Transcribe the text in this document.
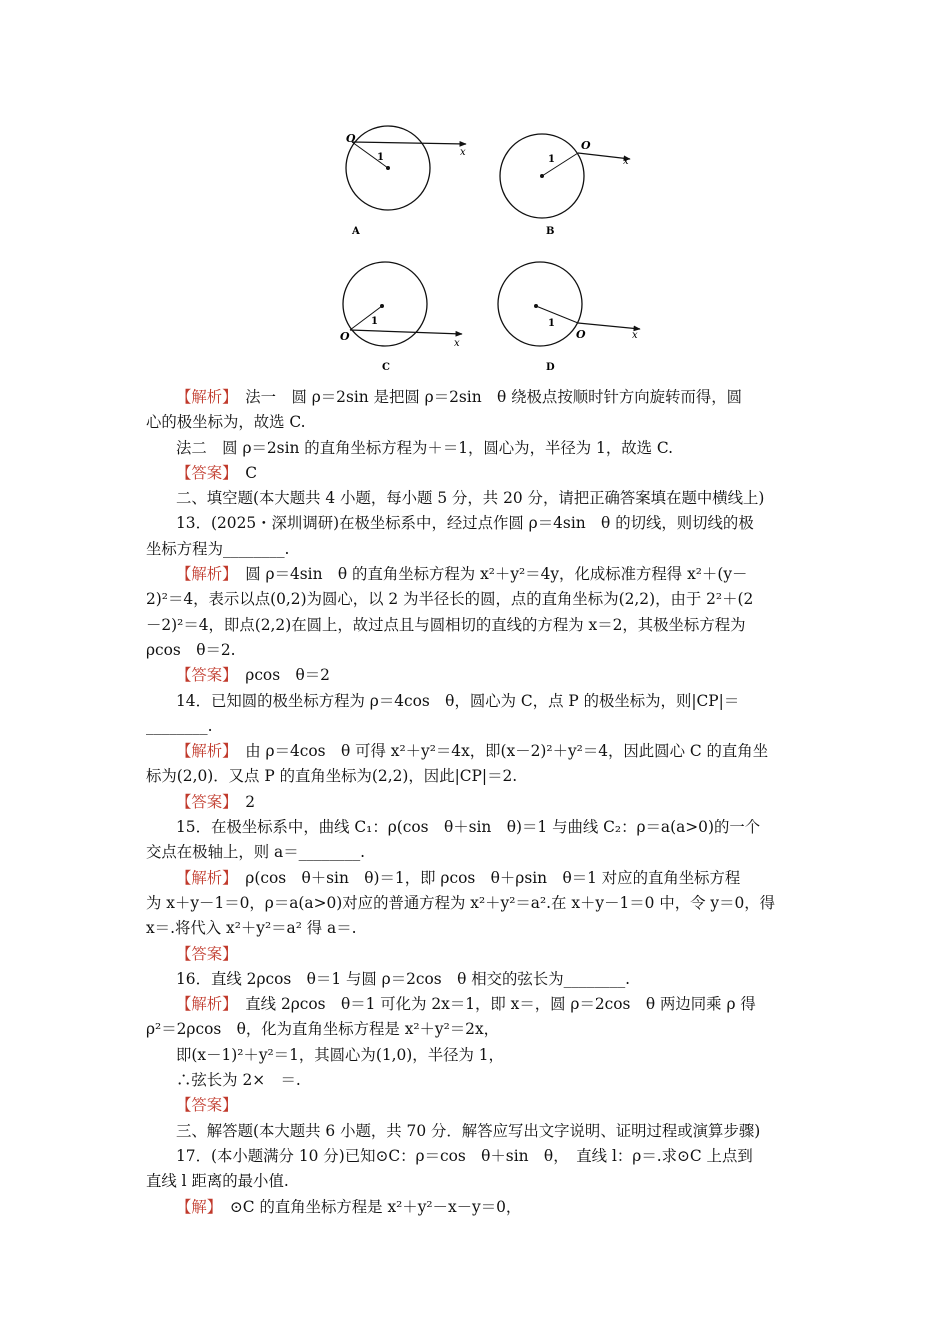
O
1	x
A
O
1	x
B
O
1
x
C
O
1
x
D
【解析】　法一　圆 ρ＝2sin 是把圆 ρ＝2sin　θ 绕极点按顺时针方向旋转而得，圆
心的极坐标为，故选 C.
法二　圆 ρ＝2sin 的直角坐标方程为＋＝1，圆心为，半径为 1，故选 C.
【答案】　C
二、填空题(本大题共 4 小题，每小题 5 分，共 20 分，请把正确答案填在题中横线上)
13．(2025・深圳调研)在极坐标系中，经过点作圆 ρ＝4sin　θ 的切线，则切线的极
坐标方程为________.
【解析】　圆 ρ＝4sin　θ 的直角坐标方程为 x²＋y²＝4y，化成标准方程得 x²＋(y－
2)²＝4，表示以点(0,2)为圆心，以 2 为半径长的圆，点的直角坐标为(2,2)，由于 2²＋(2
－2)²＝4，即点(2,2)在圆上，故过点且与圆相切的直线的方程为 x＝2，其极坐标方程为
ρcos　θ＝2.
【答案】　ρcos　θ＝2
14．已知圆的极坐标方程为 ρ＝4cos　θ，圆心为 C，点 P 的极坐标为，则|CP|＝
________.
【解析】　由 ρ＝4cos　θ 可得 x²＋y²＝4x，即(x－2)²＋y²＝4，因此圆心 C 的直角坐
标为(2,0)．又点 P 的直角坐标为(2,2)，因此|CP|＝2.
【答案】　2
15．在极坐标系中，曲线 C₁：ρ(cos　θ＋sin　θ)＝1 与曲线 C₂：ρ＝a(a>0)的一个
交点在极轴上，则 a＝________.
【解析】　ρ(cos　θ＋sin　θ)＝1，即 ρcos　θ＋ρsin　θ＝1 对应的直角坐标方程
为 x＋y－1＝0，ρ＝a(a>0)对应的普通方程为 x²＋y²＝a².在 x＋y－1＝0 中，令 y＝0，得
x＝.将代入 x²＋y²＝a² 得 a＝.
【答案】
16．直线 2ρcos　θ＝1 与圆 ρ＝2cos　θ 相交的弦长为________.
【解析】　直线 2ρcos　θ＝1 可化为 2x＝1，即 x＝，圆 ρ＝2cos　θ 两边同乘 ρ 得
ρ²＝2ρcos　θ，化为直角坐标方程是 x²＋y²＝2x，
即(x－1)²＋y²＝1，其圆心为(1,0)，半径为 1，
∴弦长为 2×　＝.
【答案】
三、解答题(本大题共 6 小题，共 70 分．解答应写出文字说明、证明过程或演算步骤)
17．(本小题满分 10 分)已知⊙C：ρ＝cos　θ＋sin　θ，　直线 l：ρ＝.求⊙C 上点到
直线 l 距离的最小值.
【解】　⊙C 的直角坐标方程是 x²＋y²－x－y＝0，
